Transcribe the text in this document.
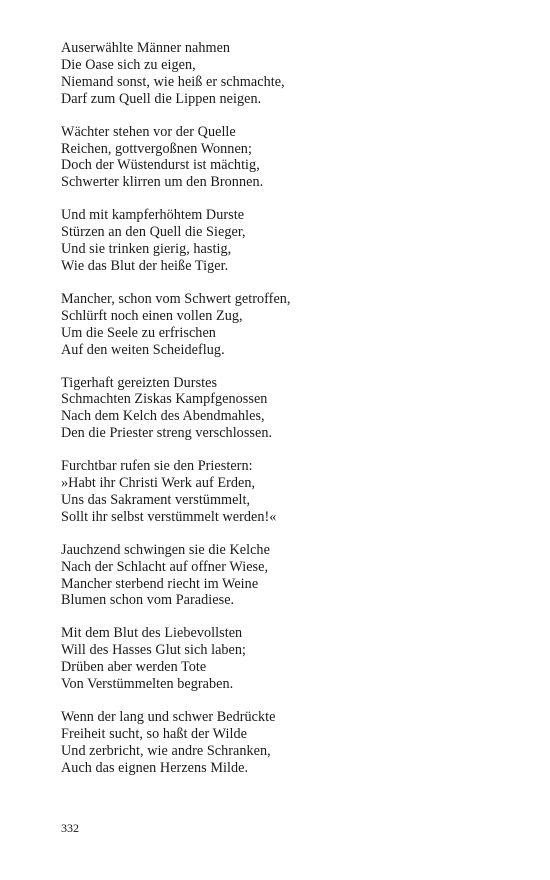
Auserwählte Männer nahmen
Die Oase sich zu eigen,
Niemand sonst, wie heiß er schmachte,
Darf zum Quell die Lippen neigen.
Wächter stehen vor der Quelle
Reichen, gottvergoßnen Wonnen;
Doch der Wüstendurst ist mächtig,
Schwerter klirren um den Bronnen.
Und mit kampferhöhtem Durste
Stürzen an den Quell die Sieger,
Und sie trinken gierig, hastig,
Wie das Blut der heiße Tiger.
Mancher, schon vom Schwert getroffen,
Schlürft noch einen vollen Zug,
Um die Seele zu erfrischen
Auf den weiten Scheideflug.
Tigerhaft gereizten Durstes
Schmachten Ziskas Kampfgenossen
Nach dem Kelch des Abendmahles,
Den die Priester streng verschlossen.
Furchtbar rufen sie den Priestern:
»Habt ihr Christi Werk auf Erden,
Uns das Sakrament verstümmelt,
Sollt ihr selbst verstümmelt werden!«
Jauchzend schwingen sie die Kelche
Nach der Schlacht auf offner Wiese,
Mancher sterbend riecht im Weine
Blumen schon vom Paradiese.
Mit dem Blut des Liebevollsten
Will des Hasses Glut sich laben;
Drüben aber werden Tote
Von Verstümmelten begraben.
Wenn der lang und schwer Bedrückte
Freiheit sucht, so haßt der Wilde
Und zerbricht, wie andre Schranken,
Auch das eignen Herzens Milde.
332
